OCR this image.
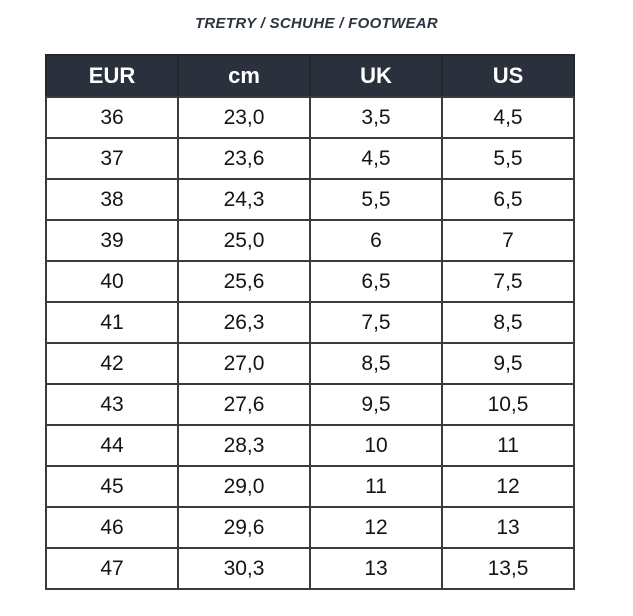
TRETRY / SCHUHE / FOOTWEAR
EUR	cm	UK	US
36	23,0	3,5	4,5
37	23,6	4,5	5,5
38	24,3	5,5	6,5
39	25,0	6	7
40	25,6	6,5	7,5
41	26,3	7,5	8,5
42	27,0	8,5	9,5
43	27,6	9,5	10,5
44	28,3	10	11
45	29,0	11	12
46	29,6	12	13
47	30,3	13	13,5
